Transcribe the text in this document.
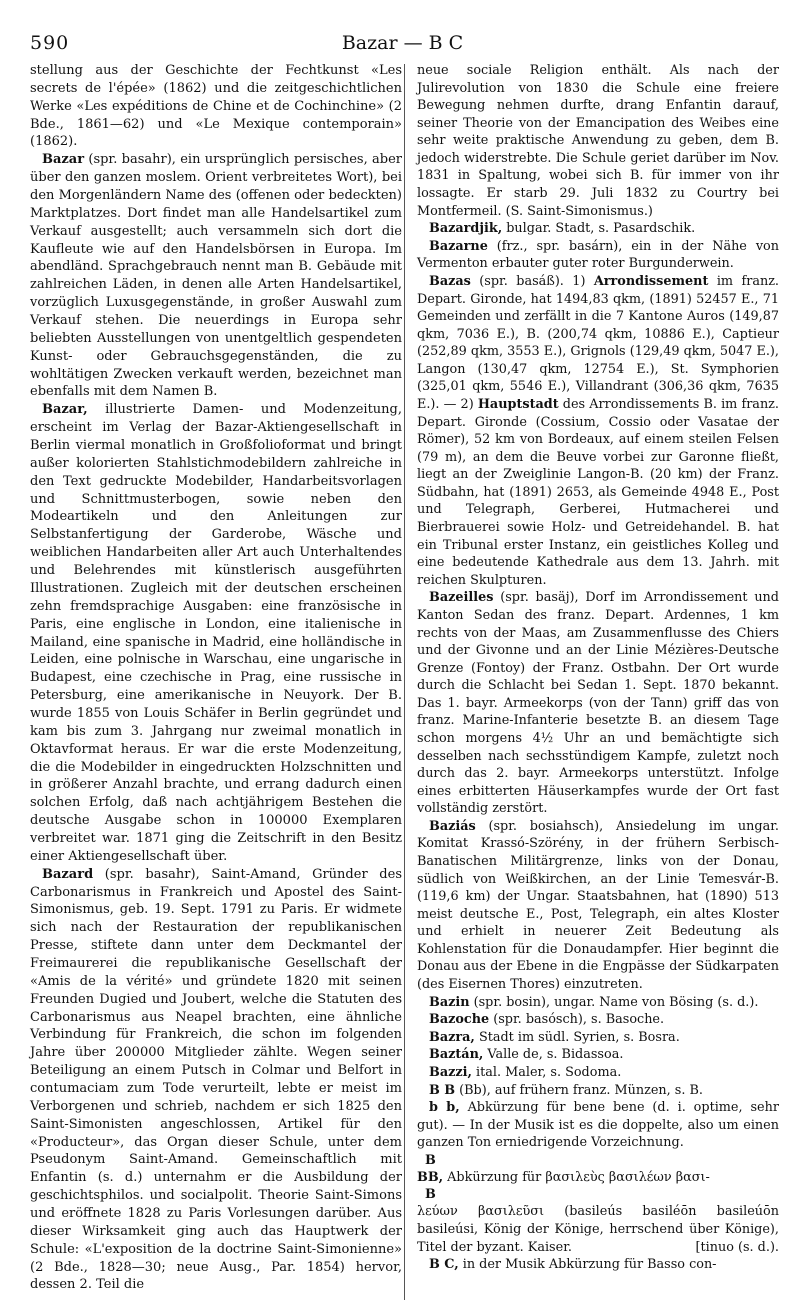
590	Bazar — B C

stellung aus der Geschichte der Fechtkunst «Les secrets de l'épée» (1862) und die zeitgeschichtlichen Werke «Les expéditions de Chine et de Cochinchine» (2 Bde., 1861—62) und «Le Mexique contemporain» (1862).

Bazar (spr. basahr), ein ursprünglich persisches, aber über den ganzen moslem. Orient verbreitetes Wort), bei den Morgenländern Name des (offenen oder bedeckten) Marktplatzes. Dort findet man alle Handelsartikel zum Verkauf ausgestellt; auch versammeln sich dort die Kaufleute wie auf den Handelsbörsen in Europa. Im abendländ. Sprachgebrauch nennt man B. Gebäude mit zahlreichen Läden, in denen alle Arten Handelsartikel, vorzüglich Luxusgegenstände, in großer Auswahl zum Verkauf stehen. Die neuerdings in Europa sehr beliebten Ausstellungen von unentgeltlich gespendeten Kunst- oder Gebrauchsgegenständen, die zu wohltätigen Zwecken verkauft werden, bezeichnet man ebenfalls mit dem Namen B.

Bazar, illustrierte Damen- und Modenzeitung, erscheint im Verlag der Bazar-Aktiengesellschaft in Berlin viermal monatlich in Großfolioformat und bringt außer kolorierten Stahlstichmodebildern zahlreiche in den Text gedruckte Modebilder, Handarbeitsvorlagen und Schnittmusterbogen, sowie neben den Modeartikeln und den Anleitungen zur Selbstanfertigung der Garderobe, Wäsche und weiblichen Handarbeiten aller Art auch Unterhaltendes und Belehrendes mit künstlerisch ausgeführten Illustrationen. Zugleich mit der deutschen erscheinen zehn fremdsprachige Ausgaben: eine französische in Paris, eine englische in London, eine italienische in Mailand, eine spanische in Madrid, eine holländische in Leiden, eine polnische in Warschau, eine ungarische in Budapest, eine czechische in Prag, eine russische in Petersburg, eine amerikanische in Neuyork. Der B. wurde 1855 von Louis Schäfer in Berlin gegründet und kam bis zum 3. Jahrgang nur zweimal monatlich in Oktavformat heraus. Er war die erste Modenzeitung, die die Modebilder in eingedruckten Holzschnitten und in größerer Anzahl brachte, und errang dadurch einen solchen Erfolg, daß nach achtjährigem Bestehen die deutsche Ausgabe schon in 100000 Exemplaren verbreitet war. 1871 ging die Zeitschrift in den Besitz einer Aktiengesellschaft über.

Bazard (spr. basahr), Saint-Amand, Gründer des Carbonarismus in Frankreich und Apostel des Saint-Simonismus, geb. 19. Sept. 1791 zu Paris. Er widmete sich nach der Restauration der republikanischen Presse, stiftete dann unter dem Deckmantel der Freimaurerei die republikanische Gesellschaft der «Amis de la vérité» und gründete 1820 mit seinen Freunden Dugied und Joubert, welche die Statuten des Carbonarismus aus Neapel brachten, eine ähnliche Verbindung für Frankreich, die schon im folgenden Jahre über 200000 Mitglieder zählte. Wegen seiner Beteiligung an einem Putsch in Colmar und Belfort in contumaciam zum Tode verurteilt, lebte er meist im Verborgenen und schrieb, nachdem er sich 1825 den Saint-Simonisten angeschlossen, Artikel für den «Producteur», das Organ dieser Schule, unter dem Pseudonym Saint-Amand. Gemeinschaftlich mit Enfantin (s. d.) unternahm er die Ausbildung der geschichtsphilos. und socialpolit. Theorie Saint-Simons und eröffnete 1828 zu Paris Vorlesungen darüber. Aus dieser Wirksamkeit ging auch das Hauptwerk der Schule: «L'exposition de la doctrine Saint-Simonienne» (2 Bde., 1828—30; neue Ausg., Par. 1854) hervor, dessen 2. Teil die

neue sociale Religion enthält. Als nach der Julirevolution von 1830 die Schule eine freiere Bewegung nehmen durfte, drang Enfantin darauf, seiner Theorie von der Emancipation des Weibes eine sehr weite praktische Anwendung zu geben, dem B. jedoch widerstrebte. Die Schule geriet darüber im Nov. 1831 in Spaltung, wobei sich B. für immer von ihr lossagte. Er starb 29. Juli 1832 zu Courtry bei Montfermeil. (S. Saint-Simonismus.)

Bazardjik, bulgar. Stadt, s. Pasardschik.

Bazarne (frz., spr. basárn), ein in der Nähe von Vermenton erbauter guter roter Burgunderwein.

Bazas (spr. basáß). 1) Arrondissement im franz. Depart. Gironde, hat 1494,83 qkm, (1891) 52457 E., 71 Gemeinden und zerfällt in die 7 Kantone Auros (149,87 qkm, 7036 E.), B. (200,74 qkm, 10886 E.), Captieur (252,89 qkm, 3553 E.), Grignols (129,49 qkm, 5047 E.), Langon (130,47 qkm, 12754 E.), St. Symphorien (325,01 qkm, 5546 E.), Villandrant (306,36 qkm, 7635 E.). — 2) Hauptstadt des Arrondissements B. im franz. Depart. Gironde (Cossium, Cossio oder Vasatae der Römer), 52 km von Bordeaux, auf einem steilen Felsen (79 m), an dem die Beuve vorbei zur Garonne fließt, liegt an der Zweiglinie Langon-B. (20 km) der Franz. Südbahn, hat (1891) 2653, als Gemeinde 4948 E., Post und Telegraph, Gerberei, Hutmacherei und Bierbrauerei sowie Holz- und Getreidehandel. B. hat ein Tribunal erster Instanz, ein geistliches Kolleg und eine bedeutende Kathedrale aus dem 13. Jahrh. mit reichen Skulpturen.

Bazeilles (spr. basäj), Dorf im Arrondissement und Kanton Sedan des franz. Depart. Ardennes, 1 km rechts von der Maas, am Zusammenflusse des Chiers und der Givonne und an der Linie Mézières-Deutsche Grenze (Fontoy) der Franz. Ostbahn. Der Ort wurde durch die Schlacht bei Sedan 1. Sept. 1870 bekannt. Das 1. bayr. Armeekorps (von der Tann) griff das von franz. Marine-Infanterie besetzte B. an diesem Tage schon morgens 4½ Uhr an und bemächtigte sich desselben nach sechsstündigem Kampfe, zuletzt noch durch das 2. bayr. Armeekorps unterstützt. Infolge eines erbitterten Häuserkampfes wurde der Ort fast vollständig zerstört.

Baziás (spr. bosiahsch), Ansiedelung im ungar. Komitat Krassó-Szörény, in der frühern Serbisch-Banatischen Militärgrenze, links von der Donau, südlich von Weißkirchen, an der Linie Temesvár-B. (119,6 km) der Ungar. Staatsbahnen, hat (1890) 513 meist deutsche E., Post, Telegraph, ein altes Kloster und erhielt in neuerer Zeit Bedeutung als Kohlenstation für die Donaudampfer. Hier beginnt die Donau aus der Ebene in die Engpässe der Südkarpaten (des Eisernen Thores) einzutreten.

Bazin (spr. bosin), ungar. Name von Bösing (s. d.).

Bazoche (spr. basósch), s. Basoche.

Bazra, Stadt im südl. Syrien, s. Bosra.

Baztán, Valle de, s. Bidassoa.

Bazzi, ital. Maler, s. Sodoma.

B B (Bb), auf frühern franz. Münzen, s. B.

b b, Abkürzung für bene bene (d. i. optime, sehr gut). — In der Musik ist es die doppelte, also um einen ganzen Ton erniedrigende Vorzeichnung.

B

BB, Abkürzung für βασιλεὺς βασιλέων βασι-

B

λεύων βασιλεῦσι (basileús basiléōn basileúōn basileúsi, König der Könige, herrschend über Könige), Titel der byzant. Kaiser.	[tinuo (s. d.).

B C, in der Musik Abkürzung für Basso con-
